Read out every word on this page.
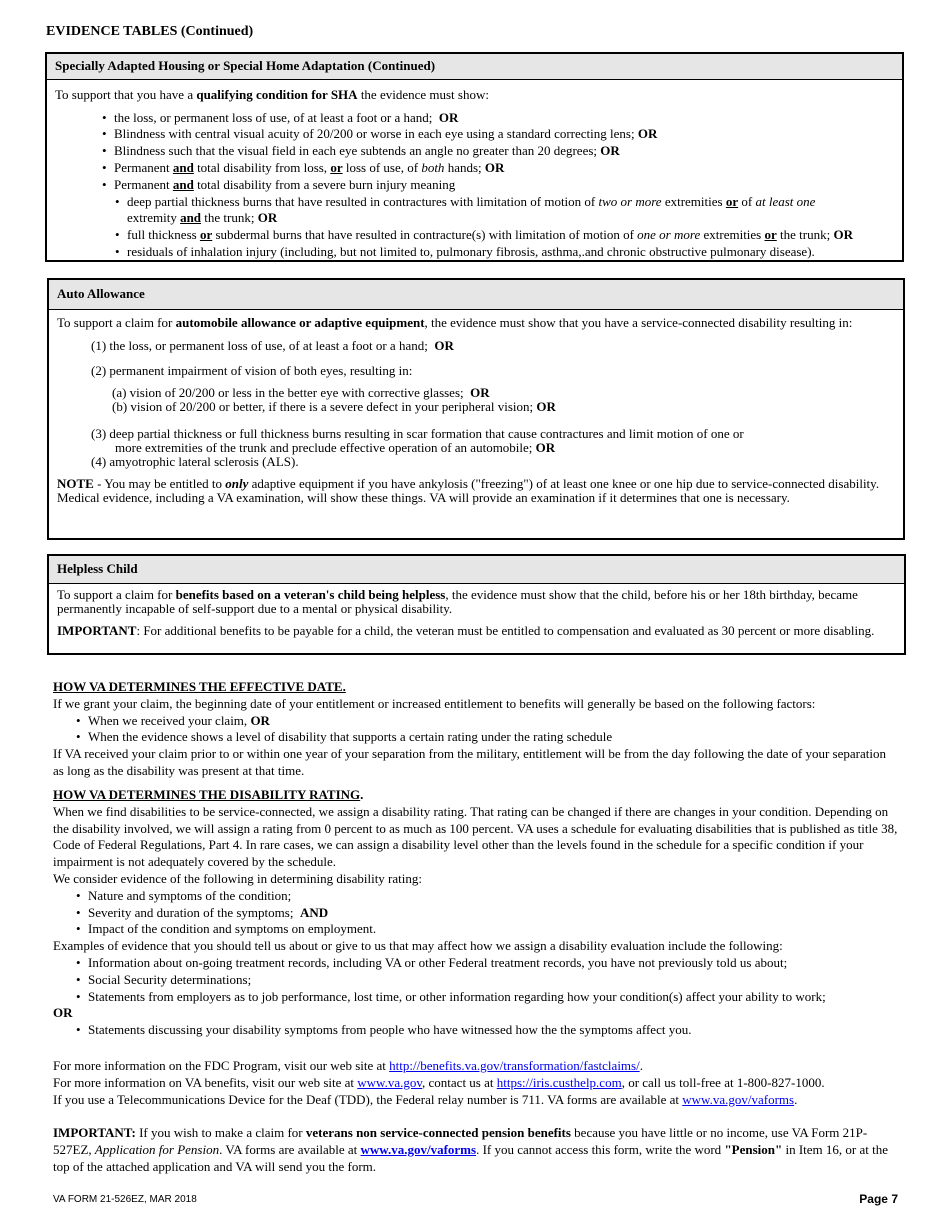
EVIDENCE TABLES (Continued)
Specially Adapted Housing or Special Home Adaptation (Continued)

To support that you have a qualifying condition for SHA the evidence must show:

• the loss, or permanent loss of use, of at least a foot or a hand; OR
• Blindness with central visual acuity of 20/200 or worse in each eye using a standard correcting lens; OR
• Blindness such that the visual field in each eye subtends an angle no greater than 20 degrees; OR
• Permanent and total disability from loss, or loss of use, of both hands; OR
• Permanent and total disability from a severe burn injury meaning
• deep partial thickness burns that have resulted in contractures with limitation of motion of two or more extremities or of at least one
extremity and the trunk; OR
• full thickness or subdermal burns that have resulted in contracture(s) with limitation of motion of one or more extremities or the trunk; OR
• residuals of inhalation injury (including, but not limited to, pulmonary fibrosis, asthma,.and chronic obstructive pulmonary disease).
Auto Allowance

To support a claim for automobile allowance or adaptive equipment, the evidence must show that you have a service-connected disability resulting in:

(1) the loss, or permanent loss of use, of at least a foot or a hand; OR

(2) permanent impairment of vision of both eyes, resulting in:

(a) vision of 20/200 or less in the better eye with corrective glasses; OR

(b) vision of 20/200 or better, if there is a severe defect in your peripheral vision; OR

(3) deep partial thickness or full thickness burns resulting in scar formation that cause contractures and limit motion of one or
more extremities of the trunk and preclude effective operation of an automobile; OR

(4) amyotrophic lateral sclerosis (ALS).

NOTE - You may be entitled to only adaptive equipment if you have ankylosis ("freezing") of at least one knee or one hip due to service-connected disability. Medical evidence, including a VA examination, will show these things. VA will provide an examination if it determines that one is necessary.

Helpless Child

To support a claim for benefits based on a veteran's child being helpless, the evidence must show that the child, before his or her 18th birthday, became permanently incapable of self-support due to a mental or physical disability.

IMPORTANT: For additional benefits to be payable for a child, the veteran must be entitled to compensation and evaluated as 30 percent or more disabling.

HOW VA DETERMINES THE EFFECTIVE DATE.

If we grant your claim, the beginning date of your entitlement or increased entitlement to benefits will generally be based on the following factors:

• When we received your claim, OR
• When the evidence shows a level of disability that supports a certain rating under the rating schedule

If VA received your claim prior to or within one year of your separation from the military, entitlement will be from the day following the date of your separation as long as the disability was present at that time.

HOW VA DETERMINES THE DISABILITY RATING.

When we find disabilities to be service-connected, we assign a disability rating. That rating can be changed if there are changes in your condition. Depending on the disability involved, we will assign a rating from 0 percent to as much as 100 percent. VA uses a schedule for evaluating disabilities that is published as title 38, Code of Federal Regulations, Part 4. In rare cases, we can assign a disability level other than the levels found in the schedule for a specific condition if your impairment is not adequately covered by the schedule.

We consider evidence of the following in determining disability rating:

• Nature and symptoms of the condition;
• Severity and duration of the symptoms; AND
• Impact of the condition and symptoms on employment.

Examples of evidence that you should tell us about or give to us that may affect how we assign a disability evaluation include the following:

• Information about on-going treatment records, including VA or other Federal treatment records, you have not previously told us about;
• Social Security determinations;
• Statements from employers as to job performance, lost time, or other information regarding how your condition(s) affect your ability to work;

OR

• Statements discussing your disability symptoms from people who have witnessed how the the symptoms affect you.

For more information on the FDC Program, visit our web site at http://benefits.va.gov/transformation/fastclaims/.

For more information on VA benefits, visit our web site at www.va.gov, contact us at https://iris.custhelp.com, or call us toll-free at 1-800-827-1000.

If you use a Telecommunications Device for the Deaf (TDD), the Federal relay number is 711. VA forms are available at www.va.gov/vaforms.

IMPORTANT: If you wish to make a claim for veterans non service-connected pension benefits because you have little or no income, use VA Form 21P-527EZ, Application for Pension. VA forms are available at www.va.gov/vaforms. If you cannot access this form, write the word "Pension" in Item 16, or at the top of the attached application and VA will send you the form.

VA FORM 21-526EZ, MAR 2018	Page 7
